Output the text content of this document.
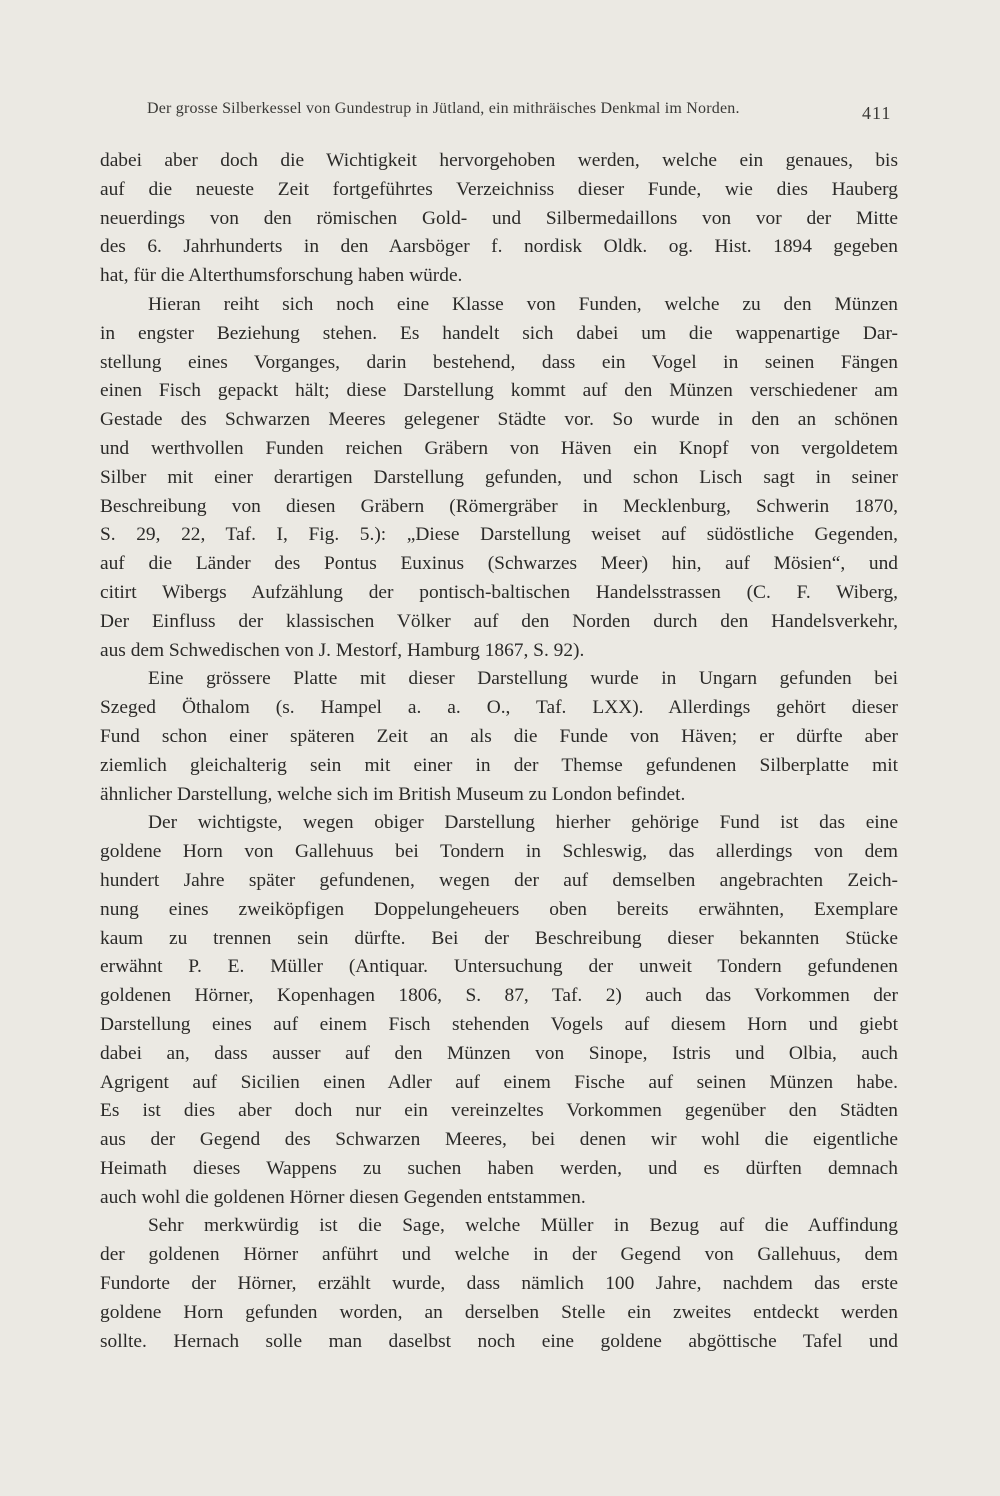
Der grosse Silberkessel von Gundestrup in Jütland, ein mithräisches Denkmal im Norden.	411
dabei aber doch die Wichtigkeit hervorgehoben werden, welche ein genaues, bis
auf die neueste Zeit fortgeführtes Verzeichniss dieser Funde, wie dies Hauberg
neuerdings von den römischen Gold- und Silbermedaillons von vor der Mitte
des 6. Jahrhunderts in den Aarsböger f. nordisk Oldk. og. Hist. 1894 gegeben
hat, für die Alterthumsforschung haben würde.
Hieran reiht sich noch eine Klasse von Funden, welche zu den Münzen
in engster Beziehung stehen. Es handelt sich dabei um die wappenartige Dar-
stellung eines Vorganges, darin bestehend, dass ein Vogel in seinen Fängen
einen Fisch gepackt hält; diese Darstellung kommt auf den Münzen verschiedener am
Gestade des Schwarzen Meeres gelegener Städte vor. So wurde in den an schönen
und werthvollen Funden reichen Gräbern von Häven ein Knopf von vergoldetem
Silber mit einer derartigen Darstellung gefunden, und schon Lisch sagt in seiner
Beschreibung von diesen Gräbern (Römergräber in Mecklenburg, Schwerin 1870,
S. 29, 22, Taf. I, Fig. 5.): „Diese Darstellung weiset auf südöstliche Gegenden,
auf die Länder des Pontus Euxinus (Schwarzes Meer) hin, auf Mösien“, und
citirt Wibergs Aufzählung der pontisch-baltischen Handelsstrassen (C. F. Wiberg,
Der Einfluss der klassischen Völker auf den Norden durch den Handelsverkehr,
aus dem Schwedischen von J. Mestorf, Hamburg 1867, S. 92).
Eine grössere Platte mit dieser Darstellung wurde in Ungarn gefunden bei
Szeged Öthalom (s. Hampel a. a. O., Taf. LXX). Allerdings gehört dieser
Fund schon einer späteren Zeit an als die Funde von Häven; er dürfte aber
ziemlich gleichalterig sein mit einer in der Themse gefundenen Silberplatte mit
ähnlicher Darstellung, welche sich im British Museum zu London befindet.
Der wichtigste, wegen obiger Darstellung hierher gehörige Fund ist das eine
goldene Horn von Gallehuus bei Tondern in Schleswig, das allerdings von dem
hundert Jahre später gefundenen, wegen der auf demselben angebrachten Zeich-
nung eines zweiköpfigen Doppelungeheuers oben bereits erwähnten, Exemplare
kaum zu trennen sein dürfte. Bei der Beschreibung dieser bekannten Stücke
erwähnt P. E. Müller (Antiquar. Untersuchung der unweit Tondern gefundenen
goldenen Hörner, Kopenhagen 1806, S. 87, Taf. 2) auch das Vorkommen der
Darstellung eines auf einem Fisch stehenden Vogels auf diesem Horn und giebt
dabei an, dass ausser auf den Münzen von Sinope, Istris und Olbia, auch
Agrigent auf Sicilien einen Adler auf einem Fische auf seinen Münzen habe.
Es ist dies aber doch nur ein vereinzeltes Vorkommen gegenüber den Städten
aus der Gegend des Schwarzen Meeres, bei denen wir wohl die eigentliche
Heimath dieses Wappens zu suchen haben werden, und es dürften demnach
auch wohl die goldenen Hörner diesen Gegenden entstammen.
Sehr merkwürdig ist die Sage, welche Müller in Bezug auf die Auffindung
der goldenen Hörner anführt und welche in der Gegend von Gallehuus, dem
Fundorte der Hörner, erzählt wurde, dass nämlich 100 Jahre, nachdem das erste
goldene Horn gefunden worden, an derselben Stelle ein zweites entdeckt werden
sollte. Hernach solle man daselbst noch eine goldene abgöttische Tafel und
